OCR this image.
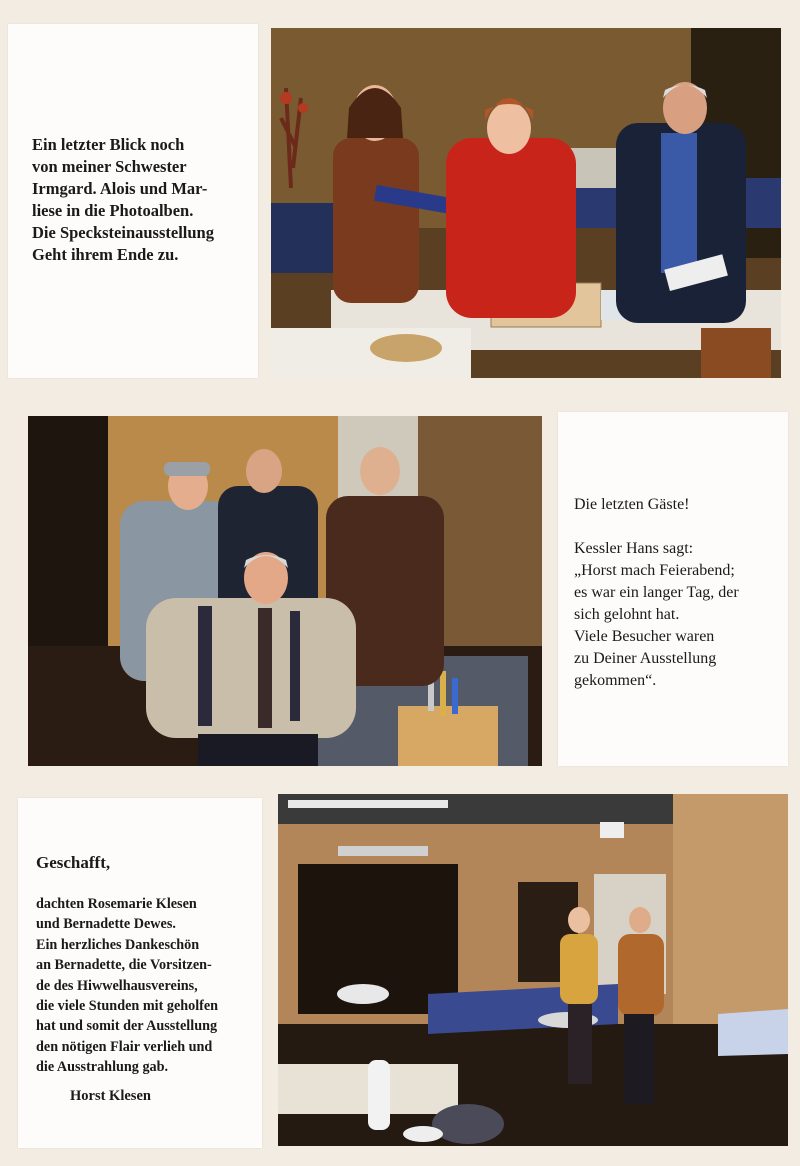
Ein letzter Blick noch
von meiner Schwester
Irmgard. Alois und Mar-
liese in die Photoalben.
Die Specksteinausstellung
Geht ihrem Ende zu.
Die letzten Gäste!
Kessler Hans sagt:
„Horst mach Feierabend;
es war ein langer Tag, der
sich gelohnt hat.
Viele Besucher waren
zu Deiner Ausstellung
gekommen“.
Geschafft,
dachten Rosemarie Klesen
und Bernadette Dewes.
Ein herzliches Dankeschön
an Bernadette, die Vorsitzen-
de des Hiwwelhausvereins,
die viele Stunden mit geholfen
hat und somit der Ausstellung
den nötigen Flair verlieh und
die Ausstrahlung gab.
Horst Klesen
